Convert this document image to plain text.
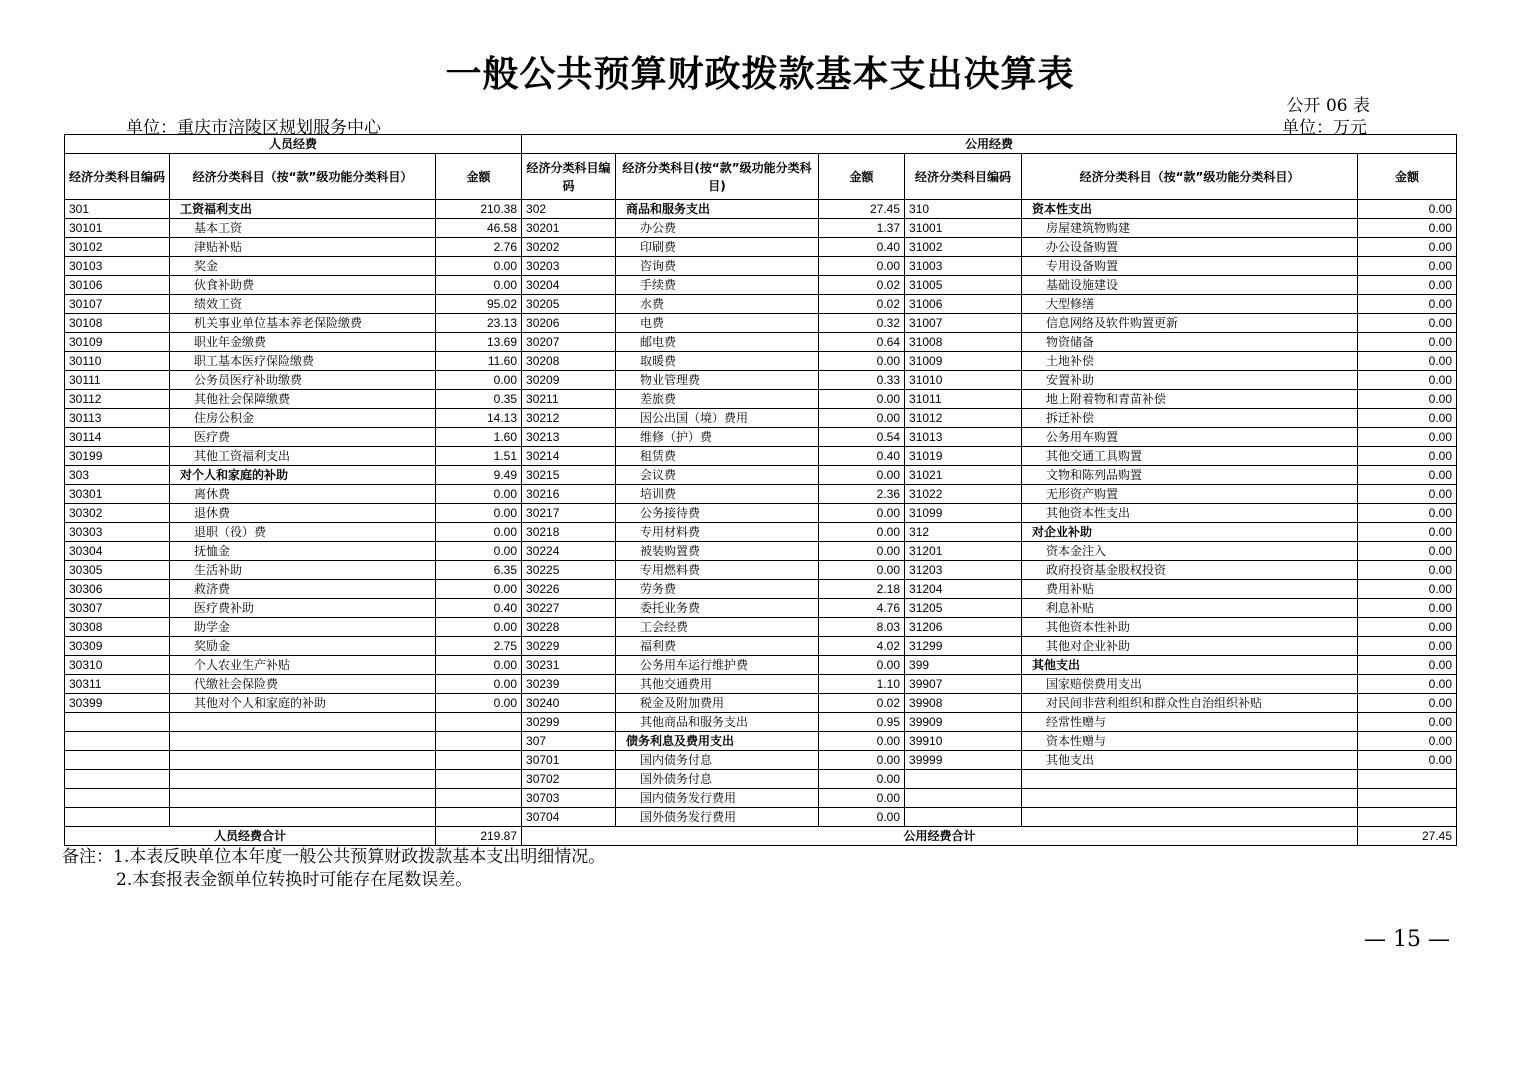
一般公共预算财政拨款基本支出决算表
公开 06 表
单位：重庆市涪陵区规划服务中心	单位：万元
人员经费			公用经费					
经济分类科目编码	经济分类科目（按“款”级功能分类科目）	金额	经济分类科目编码	经济分类科目(按“款”级功能分类科目)	金额	经济分类科目编码	经济分类科目（按“款”级功能分类科目）	金额
301	工资福利支出	210.38	302	商品和服务支出	27.45	310	资本性支出	0.00
30101	基本工资	46.58	30201	办公费	1.37	31001	房屋建筑物购建	0.00
30102	津贴补贴	2.76	30202	印刷费	0.40	31002	办公设备购置	0.00
30103	奖金	0.00	30203	咨询费	0.00	31003	专用设备购置	0.00
30106	伙食补助费	0.00	30204	手续费	0.02	31005	基础设施建设	0.00
30107	绩效工资	95.02	30205	水费	0.02	31006	大型修缮	0.00
30108	机关事业单位基本养老保险缴费	23.13	30206	电费	0.32	31007	信息网络及软件购置更新	0.00
30109	职业年金缴费	13.69	30207	邮电费	0.64	31008	物资储备	0.00
30110	职工基本医疗保险缴费	11.60	30208	取暖费	0.00	31009	土地补偿	0.00
30111	公务员医疗补助缴费	0.00	30209	物业管理费	0.33	31010	安置补助	0.00
30112	其他社会保障缴费	0.35	30211	差旅费	0.00	31011	地上附着物和青苗补偿	0.00
30113	住房公积金	14.13	30212	因公出国（境）费用	0.00	31012	拆迁补偿	0.00
30114	医疗费	1.60	30213	维修（护）费	0.54	31013	公务用车购置	0.00
30199	其他工资福利支出	1.51	30214	租赁费	0.40	31019	其他交通工具购置	0.00
303	对个人和家庭的补助	9.49	30215	会议费	0.00	31021	文物和陈列品购置	0.00
30301	离休费	0.00	30216	培训费	2.36	31022	无形资产购置	0.00
30302	退休费	0.00	30217	公务接待费	0.00	31099	其他资本性支出	0.00
30303	退职（役）费	0.00	30218	专用材料费	0.00	312	对企业补助	0.00
30304	抚恤金	0.00	30224	被装购置费	0.00	31201	资本金注入	0.00
30305	生活补助	6.35	30225	专用燃料费	0.00	31203	政府投资基金股权投资	0.00
30306	救济费	0.00	30226	劳务费	2.18	31204	费用补贴	0.00
30307	医疗费补助	0.40	30227	委托业务费	4.76	31205	利息补贴	0.00
30308	助学金	0.00	30228	工会经费	8.03	31206	其他资本性补助	0.00
30309	奖励金	2.75	30229	福利费	4.02	31299	其他对企业补助	0.00
30310	个人农业生产补贴	0.00	30231	公务用车运行维护费	0.00	399	其他支出	0.00
30311	代缴社会保险费	0.00	30239	其他交通费用	1.10	39907	国家赔偿费用支出	0.00
30399	其他对个人和家庭的补助	0.00	30240	税金及附加费用	0.02	39908	对民间非营利组织和群众性自治组织补贴	0.00
			30299	其他商品和服务支出	0.95	39909	经常性赠与	0.00
			307	债务利息及费用支出	0.00	39910	资本性赠与	0.00
			30701	国内债务付息	0.00	39999	其他支出	0.00
			30702	国外债务付息	0.00			
			30703	国内债务发行费用	0.00			
			30704	国外债务发行费用	0.00			
人员经费合计		219.87	公用经费合计					27.45
备注：1.本表反映单位本年度一般公共预算财政拨款基本支出明细情况。
2.本套报表金额单位转换时可能存在尾数误差。
— 15 —
